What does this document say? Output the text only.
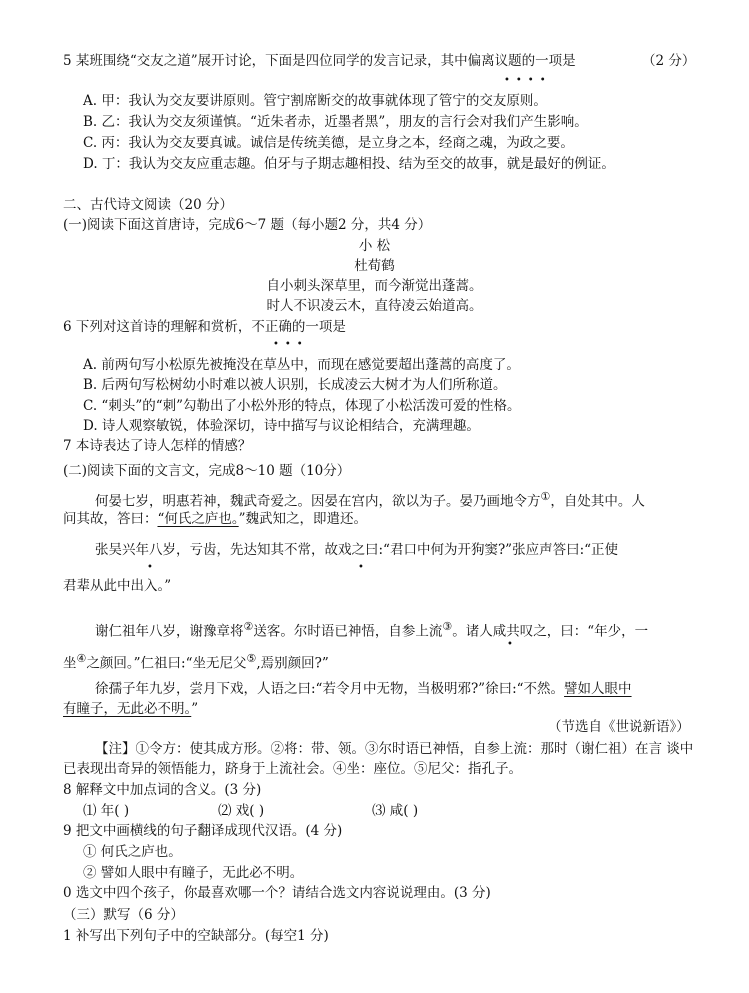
5 某班围绕“交友之道”展开讨论，下面是四位同学的发言记录，其中偏离议题的一项是	（2 分）
••••
A. 甲：我认为交友要讲原则。管宁割席断交的故事就体现了管宁的交友原则。
B. 乙：我认为交友须谨慎。“近朱者赤，近墨者黑”，朋友的言行会对我们产生影响。
C. 丙：我认为交友要真诚。诚信是传统美德，是立身之本，经商之魂，为政之要。
D. 丁：我认为交友应重志趣。伯牙与子期志趣相投、结为至交的故事，就是最好的例证。
二、古代诗文阅读（20 分）
(一)阅读下面这首唐诗，完成6～7 题（每小题2 分，共4 分）
小 松
杜荀鹤
自小刺头深草里，而今渐觉出蓬蒿。
时人不识凌云木，直待凌云始道高。
6 下列对这首诗的理解和赏析，不正确的一项是
•••
A. 前两句写小松原先被掩没在草丛中，而现在感觉要超出蓬蒿的高度了。
B. 后两句写松树幼小时难以被人识别，长成凌云大树才为人们所称道。
C. “刺头”的“刺”勾勒出了小松外形的特点，体现了小松活泼可爱的性格。
D. 诗人观察敏锐，体验深切，诗中描写与议论相结合，充满理趣。
7 本诗表达了诗人怎样的情感？
(二)阅读下面的文言文，完成8～10 题（10分）
何晏七岁，明惠若神，魏武奇爱之。因晏在宫内，欲以为子。晏乃画地令方①，自处其中。人
问其故，答曰：“何氏之庐也。”魏武知之，即遣还。
张吴兴年八岁，亏齿，先达知其不常，故戏之曰:“君口中何为开狗窦?”张应声答曰:“正使
•	•
君辈从此中出入。”
谢仁祖年八岁，谢豫章将②送客。尔时语已神悟，自参上流③。诸人咸共叹之，曰：“年少，一
•
坐④之颜回。”仁祖曰:“坐无尼父⑤,焉别颜回?”
徐孺子年九岁，尝月下戏，人语之曰:“若令月中无物，当极明邪?”徐曰:“不然。譬如人眼中
有瞳子，无此必不明。”
（节选自《世说新语》）
【注】①令方：使其成方形。②将：带、领。③尔时语已神悟，自参上流：那时（谢仁祖）在言 谈中
已表现出奇异的领悟能力，跻身于上流社会。④坐：座位。⑤尼父：指孔子。
8 解释文中加点词的含义。(3 分)
⑴ 年( )	⑵ 戏( )	⑶ 咸( )
9 把文中画横线的句子翻译成现代汉语。(4 分)
① 何氏之庐也。
② 譬如人眼中有瞳子，无此必不明。
0 选文中四个孩子，你最喜欢哪一个？请结合选文内容说说理由。(3 分)
（三）默写（6 分）
1 补写出下列句子中的空缺部分。(每空1 分)
